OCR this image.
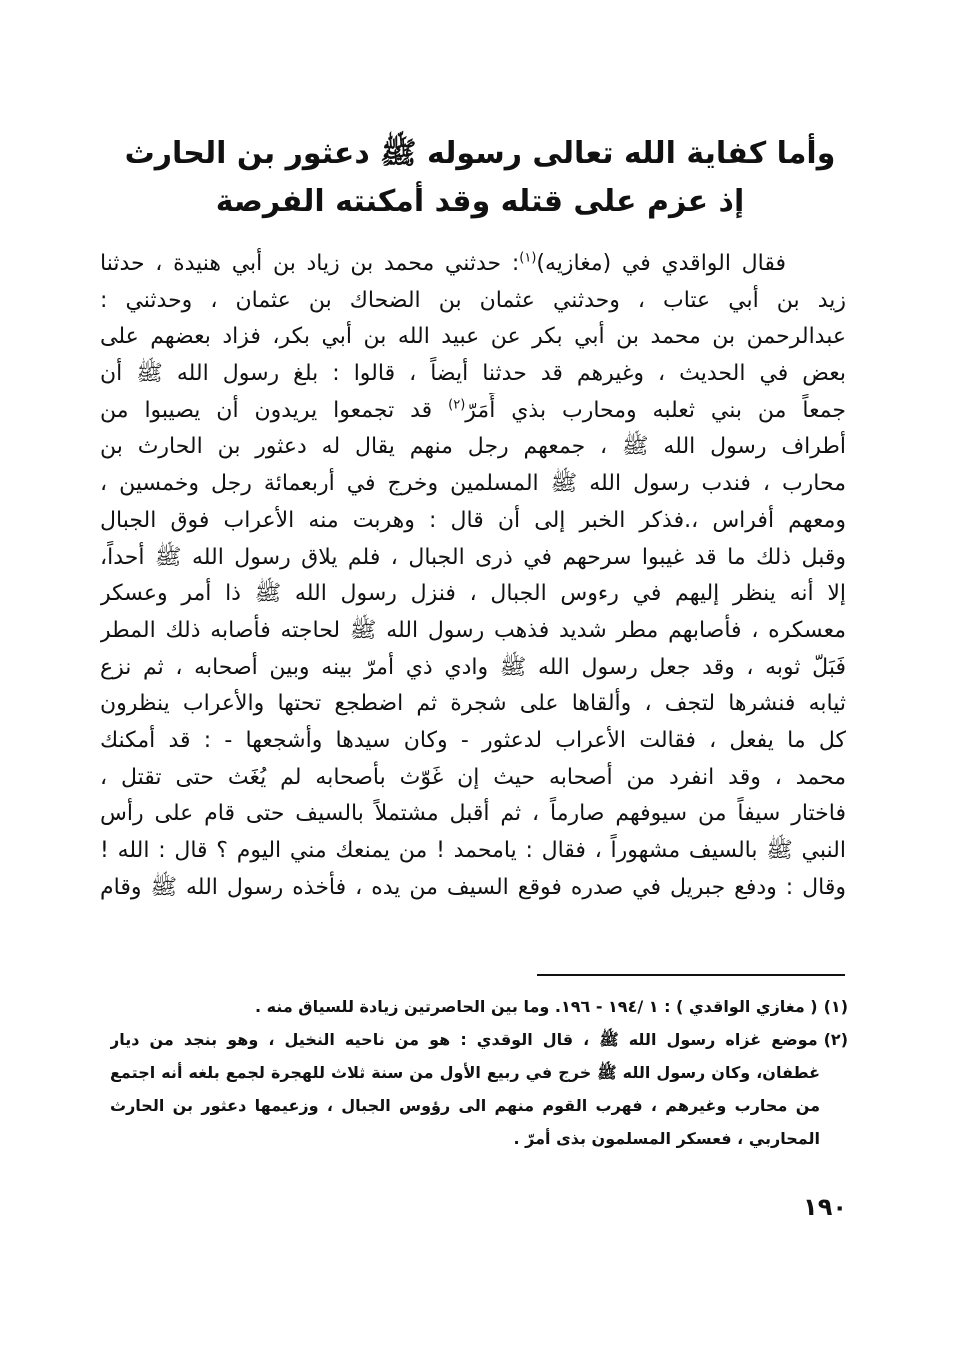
وأما كفاية الله تعالى رسوله ﷺ دعثور بن الحارث
إذ عزم على قتله وقد أمكنته الفرصة
فقال الواقدي في (مغازيه)$^{(١)}$: حدثني محمد بن زياد بن أبي هنيدة ، حدثنا
زيد بن أبي عتاب ، وحدثني عثمان بن الضحاك بن عثمان ، وحدثني :
عبدالرحمن بن محمد بن أبي بكر عن عبيد الله بن أبي بكر، فزاد بعضهم على
بعض في الحديث ، وغيرهم قد حدثنا أيضاً ، قالوا : بلغ رسول الله ﷺ أن
جمعاً من بني ثعلبه ومحارب بذي أَمَرّ$^{(٢)}$ قد تجمعوا يريدون أن يصيبوا من
أطراف رسول الله ﷺ ، جمعهم رجل منهم يقال له دعثور بن الحارث بن
محارب ، فندب رسول الله ﷺ المسلمين وخرج في أربعمائة رجل وخمسين ،
ومعهم أفراس ،.فذكر الخبر إلى أن قال : وهربت منه الأعراب فوق الجبال
وقبل ذلك ما قد غيبوا سرحهم في ذرى الجبال ، فلم يلاق رسول الله ﷺ أحداً،
إلا أنه ينظر إليهم في رءوس الجبال ، فنزل رسول الله ﷺ ذا أمر وعسكر
معسكره ، فأصابهم مطر شديد فذهب رسول الله ﷺ لحاجته فأصابه ذلك المطر
فَبَلّ ثوبه ، وقد جعل رسول الله ﷺ وادي ذي أمرّ بينه وبين أصحابه ، ثم نزع
ثيابه فنشرها لتجف ، وألقاها على شجرة ثم اضطجع تحتها والأعراب ينظرون
كل ما يفعل ، فقالت الأعراب لدعثور - وكان سيدها وأشجعها - : قد أمكنك
محمد ، وقد انفرد من أصحابه حيث إن غَوّث بأصحابه لم يُغَث حتى تقتل ،
فاختار سيفاً من سيوفهم صارماً ، ثم أقبل مشتملاً بالسيف حتى قام على رأس
النبي ﷺ بالسيف مشهوراً ، فقال : يامحمد ! من يمنعك مني اليوم ؟ قال : الله !
وقال : ودفع جبريل في صدره فوقع السيف من يده ، فأخذه رسول الله ﷺ وقام
(١)( مغازي الواقدي ) : ١ /١٩٤ - ١٩٦. وما بين الحاصرتين زيادة للسياق منه .
(٢)موضع غزاه رسول الله ﷺ ، قال الوقدي : هو من ناحيه النخيل ، وهو بنجد من ديار
غطفان، وكان رسول الله ﷺ خرج في ربيع الأول من سنة ثلاث للهجرة لجمع بلغه أنه اجتمع
من محارب وغيرهم ، فهرب القوم منهم الى رؤوس الجبال ، وزعيمها دعثور بن الحارث
المحاربي ، فعسكر المسلمون بذى أمرّ .
١٩٠
